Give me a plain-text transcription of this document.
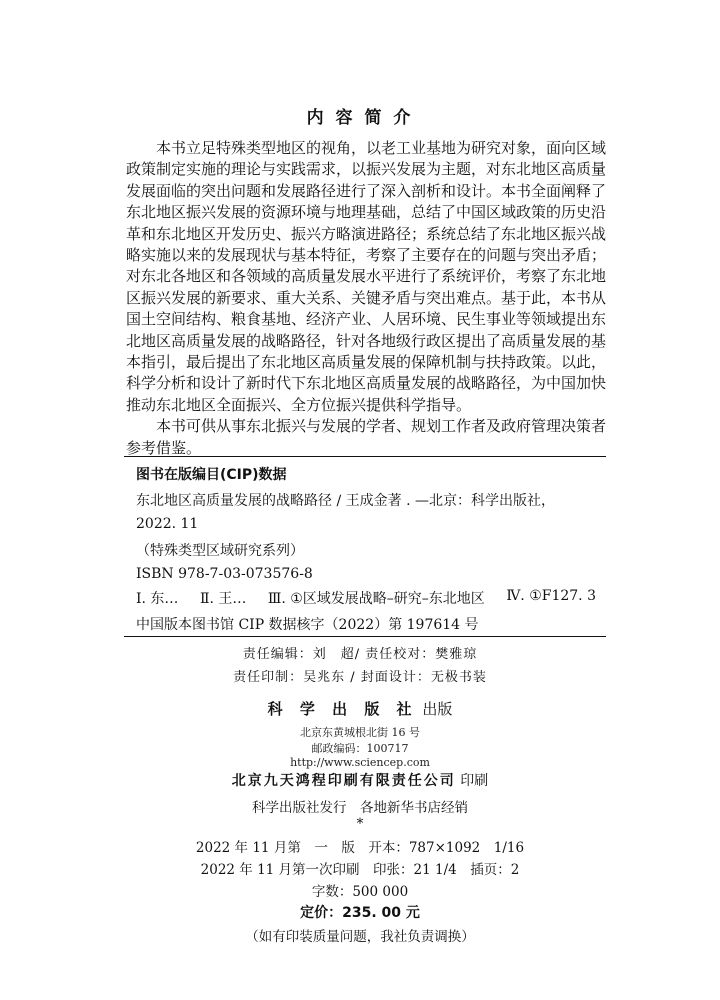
内 容 简 介

本书立足特殊类型地区的视角，以老工业基地为研究对象，面向区域政策制定实施的理论与实践需求，以振兴发展为主题，对东北地区高质量发展面临的突出问题和发展路径进行了深入剖析和设计。本书全面阐释了东北地区振兴发展的资源环境与地理基础，总结了中国区域政策的历史沿革和东北地区开发历史、振兴方略演进路径；系统总结了东北地区振兴战略实施以来的发展现状与基本特征，考察了主要存在的问题与突出矛盾；对东北各地区和各领域的高质量发展水平进行了系统评价，考察了东北地区振兴发展的新要求、重大关系、关键矛盾与突出难点。基于此，本书从国土空间结构、粮食基地、经济产业、人居环境、民生事业等领域提出东北地区高质量发展的战略路径，针对各地级行政区提出了高质量发展的基本指引，最后提出了东北地区高质量发展的保障机制与扶持政策。以此，科学分析和设计了新时代下东北地区高质量发展的战略路径，为中国加快推动东北地区全面振兴、全方位振兴提供科学指导。

本书可供从事东北振兴与发展的学者、规划工作者及政府管理决策者参考借鉴。

图书在版编目(CIP)数据
东北地区高质量发展的战略路径 ∕ 王成金著 . —北京：科学出版社，
2022. 11
（特殊类型区域研究系列）
ISBN 978-7-03-073576-8
Ⅰ. 东… Ⅱ. 王… Ⅲ. ①区域发展战略–研究–东北地区 Ⅳ. ①F127. 3
中国版本图书馆 CIP 数据核字（2022）第 197614 号
责任编辑：刘　超∕ 责任校对：樊雅琼
责任印制：吴兆东 ∕ 封面设计：无极书装
科 学 出 版 社 出版
北京东黄城根北街 16 号
邮政编码：100717
http://www.sciencep.com
北京九天鸿程印刷有限责任公司 印刷
科学出版社发行　各地新华书店经销
*
2022 年 11 月第　一　版　开本：787×1092　1/16
2022 年 11 月第一次印刷　印张：21 1/4　插页：2
字数：500 000
定价：235. 00 元
（如有印装质量问题，我社负责调换）
